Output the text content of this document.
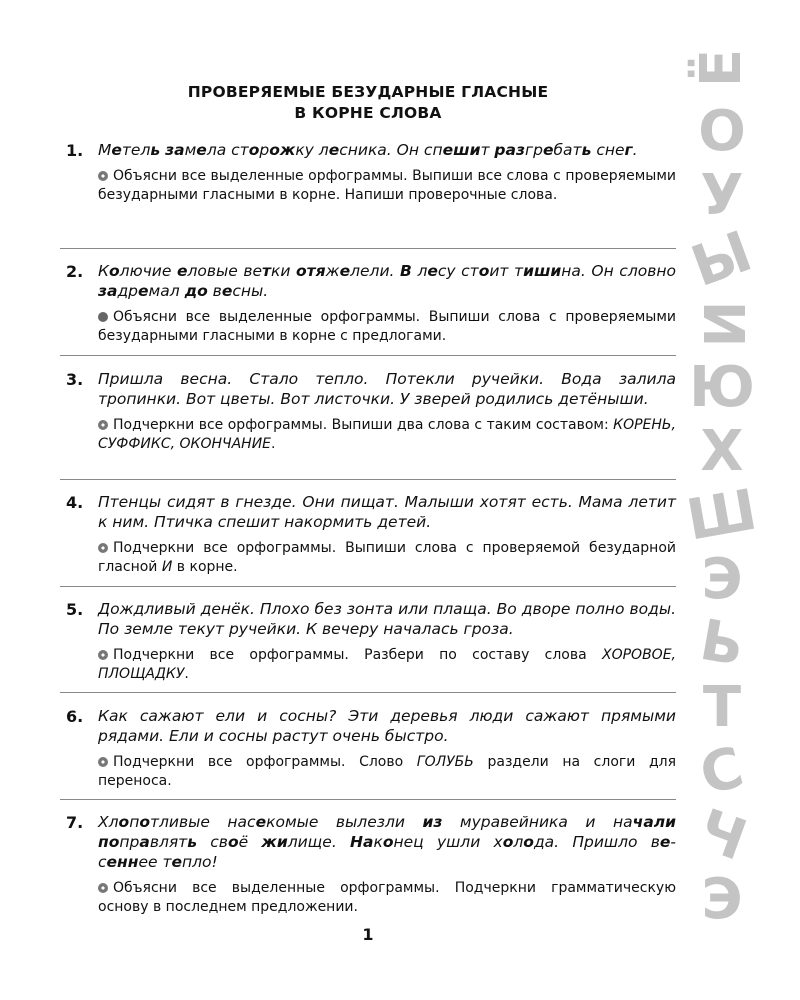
ПРОВЕРЯЕМЫЕ БЕЗУДАРНЫЕ ГЛАСНЫЕ
В КОРНЕ СЛОВА
1. Метель замела сторожку лесника. Он спешит разгребать снег.
Объясни все выделенные орфограммы. Выпиши все слова с проверяемыми безударными гласными в корне. Напиши проверочные слова.
2. Колючие еловые ветки отяжелели. В лесу стоит тишина. Он словно задремал до весны.
Объясни все выделенные орфограммы. Выпиши слова с проверяемыми безударными гласными в корне с предлогами.
3. Пришла весна. Стало тепло. Потекли ручейки. Вода залила тропинки. Вот цветы. Вот листочки. У зверей родились детёныши.
Подчеркни все орфограммы. Выпиши два слова с таким составом: КОРЕНЬ, СУФФИКС, ОКОНЧАНИЕ.
4. Птенцы сидят в гнезде. Они пищат. Малыши хотят есть. Мама летит к ним. Птичка спешит накормить детей.
Подчеркни все орфограммы. Выпиши слова с проверяемой безударной гласной И в корне.
5. Дождливый денёк. Плохо без зонта или плаща. Во дворе полно воды. По земле текут ручейки. К вечеру началась гроза.
Подчеркни все орфограммы. Разбери по составу слова ХОРОВОЕ, ПЛОЩАДКУ.
6. Как сажают ели и сосны? Эти деревья люди сажают прямыми рядами. Ели и сосны растут очень быстро.
Подчеркни все орфограммы. Слово ГОЛУБЬ раздели на слоги для переноса.
7. Хлопотливые насекомые вылезли из муравейника и начали поправлять своё жилище. Наконец ушли холода. Пришло ве-сеннее тепло!
Объясни все выделенные орфограммы. Подчеркни грамматическую основу в последнем предложении.
1
Ё
О
У
Ы
И
Ю
Х
Ш
Э
Ь
Т
С
Ч
Э
